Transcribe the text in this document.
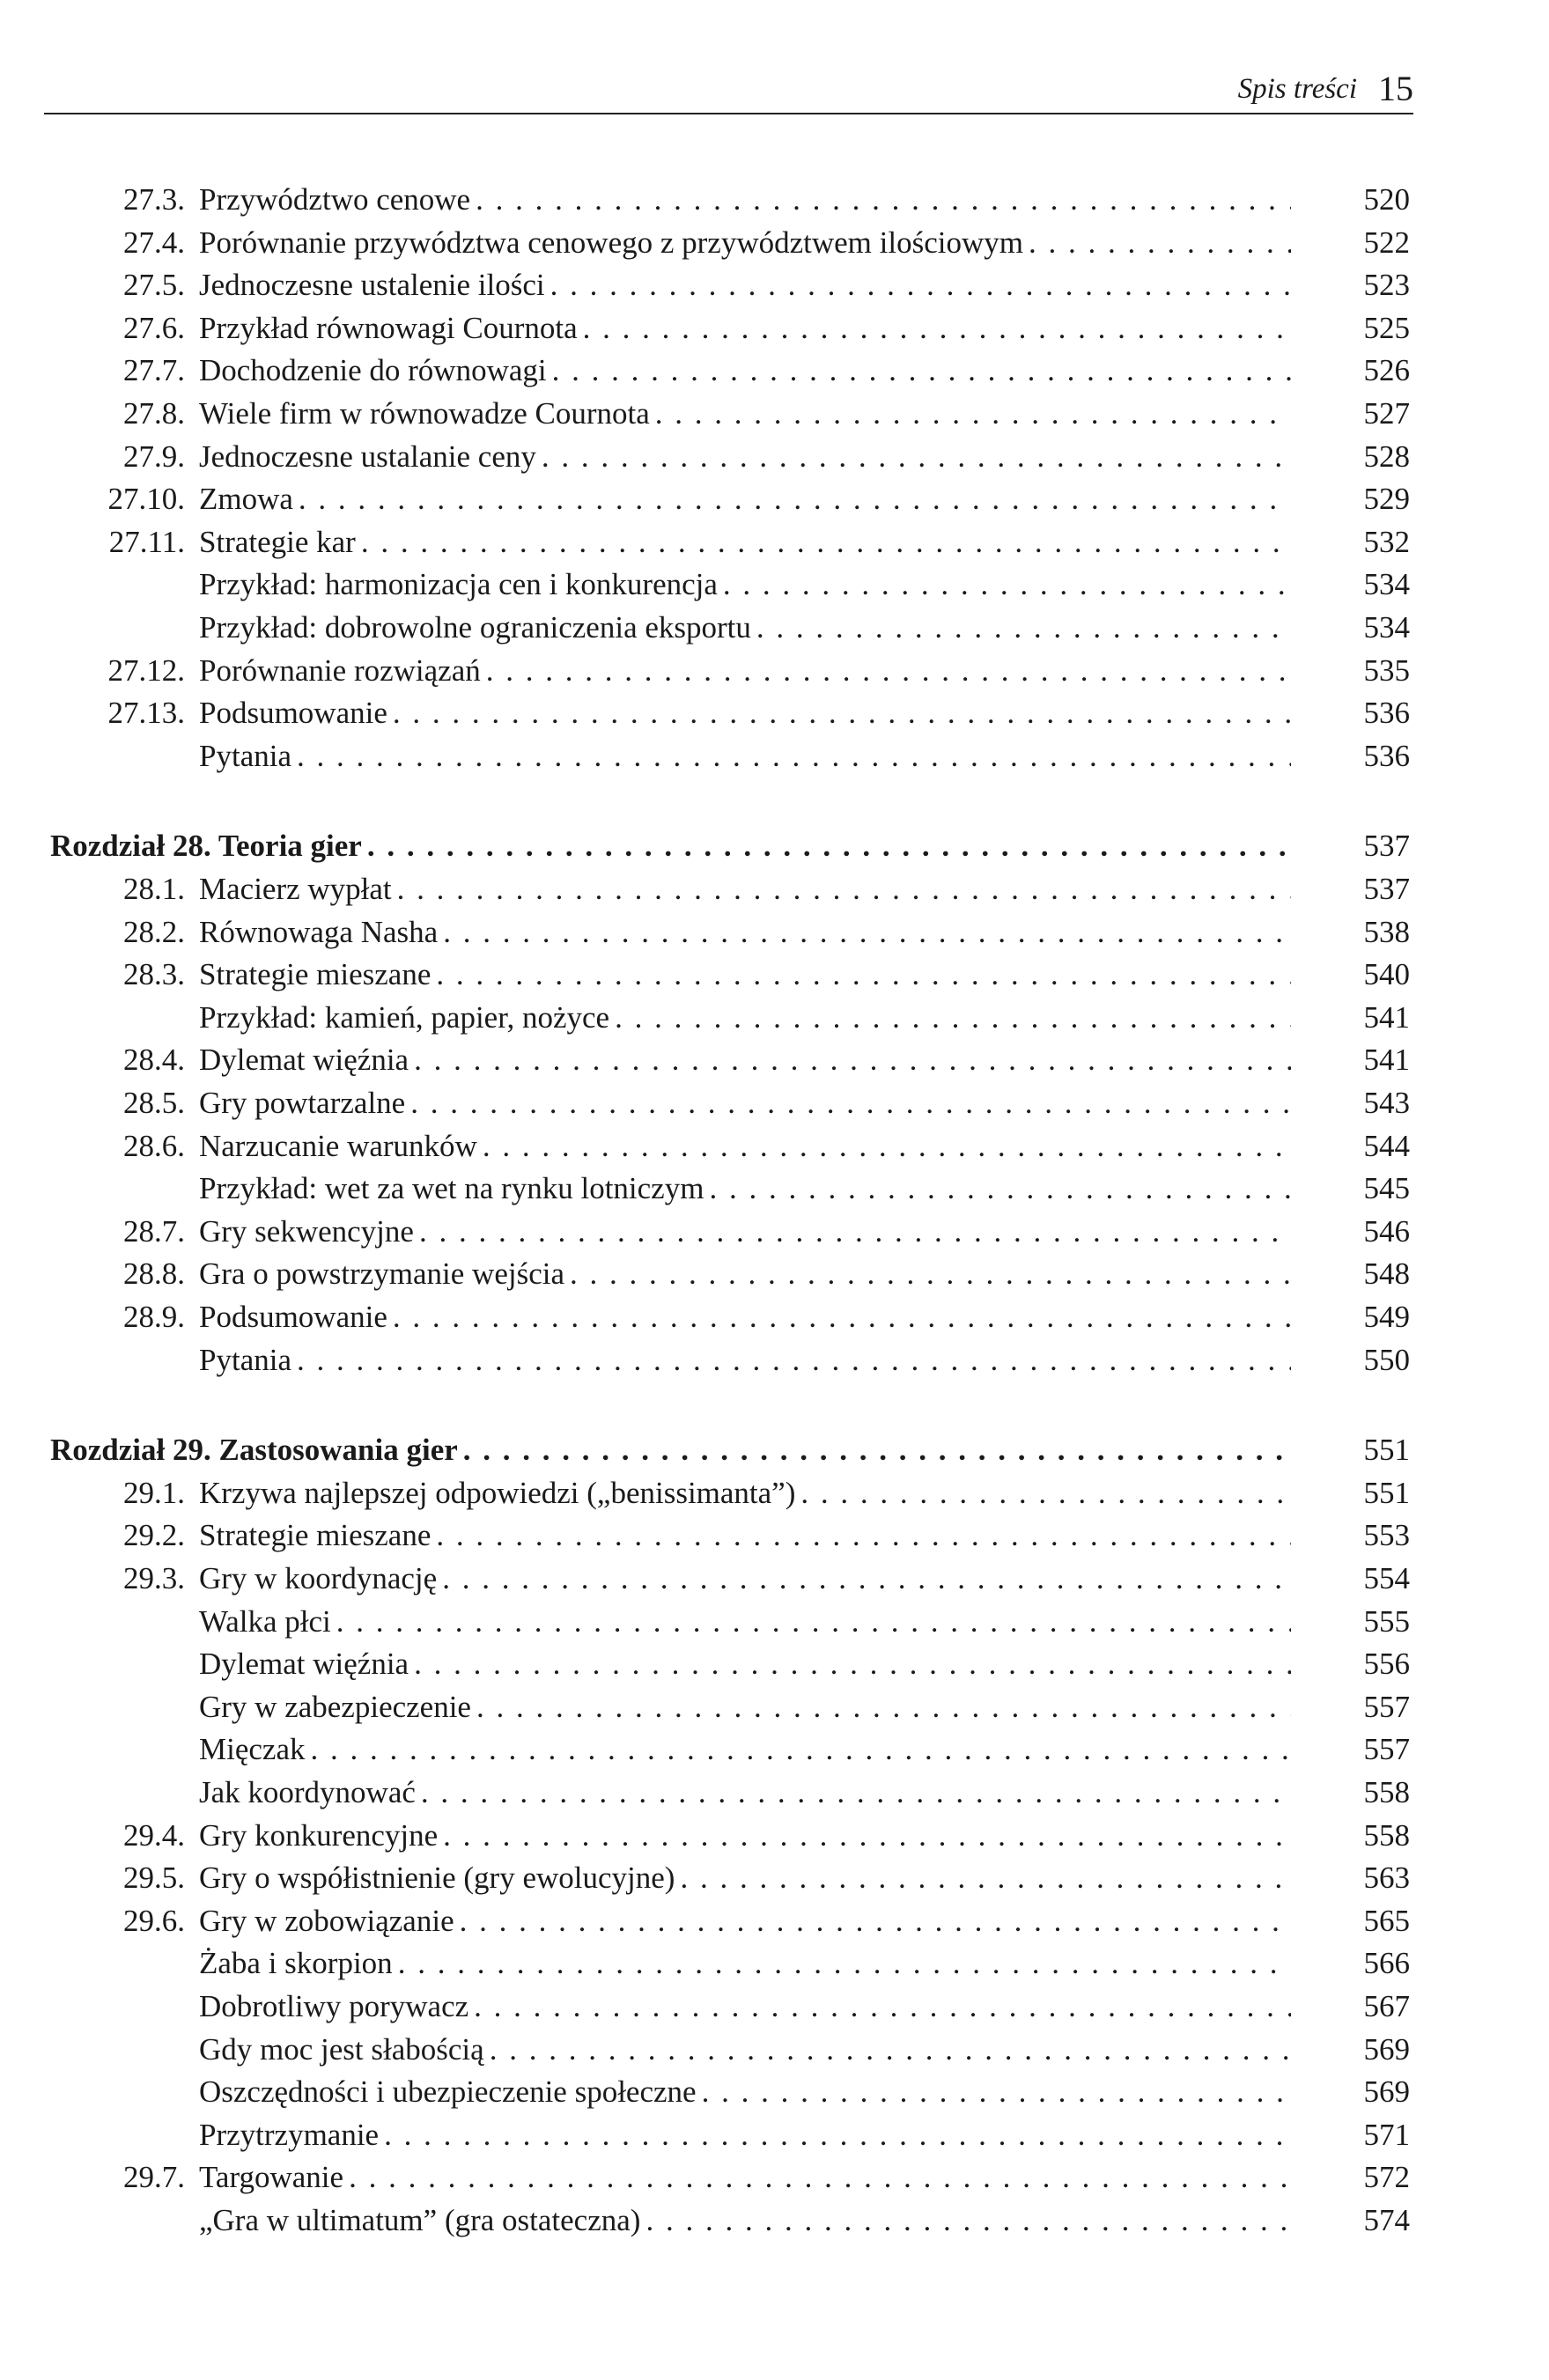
Spis treści 15
27.3. Przywództwo cenowe . . .	520
27.4. Porównanie przywództwa cenowego z przywództwem ilościowym . . .	522
27.5. Jednoczesne ustalenie ilości . . .	523
27.6. Przykład równowagi Cournota . . .	525
27.7. Dochodzenie do równowagi . . .	526
27.8. Wiele firm w równowadze Cournota . . .	527
27.9. Jednoczesne ustalanie ceny . . .	528
27.10. Zmowa . . .	529
27.11. Strategie kar . . .	532
Przykład: harmonizacja cen i konkurencja . . .	534
Przykład: dobrowolne ograniczenia eksportu . . .	534
27.12. Porównanie rozwiązań . . .	535
27.13. Podsumowanie . . .	536
Pytania . . .	536
Rozdział 28. Teoria gier . . .	537
28.1. Macierz wypłat . . .	537
28.2. Równowaga Nasha . . .	538
28.3. Strategie mieszane . . .	540
Przykład: kamień, papier, nożyce . . .	541
28.4. Dylemat więźnia . . .	541
28.5. Gry powtarzalne . . .	543
28.6. Narzucanie warunków . . .	544
Przykład: wet za wet na rynku lotniczym . . .	545
28.7. Gry sekwencyjne . . .	546
28.8. Gra o powstrzymanie wejścia . . .	548
28.9. Podsumowanie . . .	549
Pytania . . .	550
Rozdział 29. Zastosowania gier . . .	551
29.1. Krzywa najlepszej odpowiedzi („benissimanta”) . . .	551
29.2. Strategie mieszane . . .	553
29.3. Gry w koordynację . . .	554
Walka płci . . .	555
Dylemat więźnia . . .	556
Gry w zabezpieczenie . . .	557
Mięczak . . .	557
Jak koordynować . . .	558
29.4. Gry konkurencyjne . . .	558
29.5. Gry o współistnienie (gry ewolucyjne) . . .	563
29.6. Gry w zobowiązanie . . .	565
Żaba i skorpion . . .	566
Dobrotliwy porywacz . . .	567
Gdy moc jest słabością . . .	569
Oszczędności i ubezpieczenie społeczne . . .	569
Przytrzymanie . . .	571
29.7. Targowanie . . .	572
„Gra w ultimatum” (gra ostateczna) . . .	574
